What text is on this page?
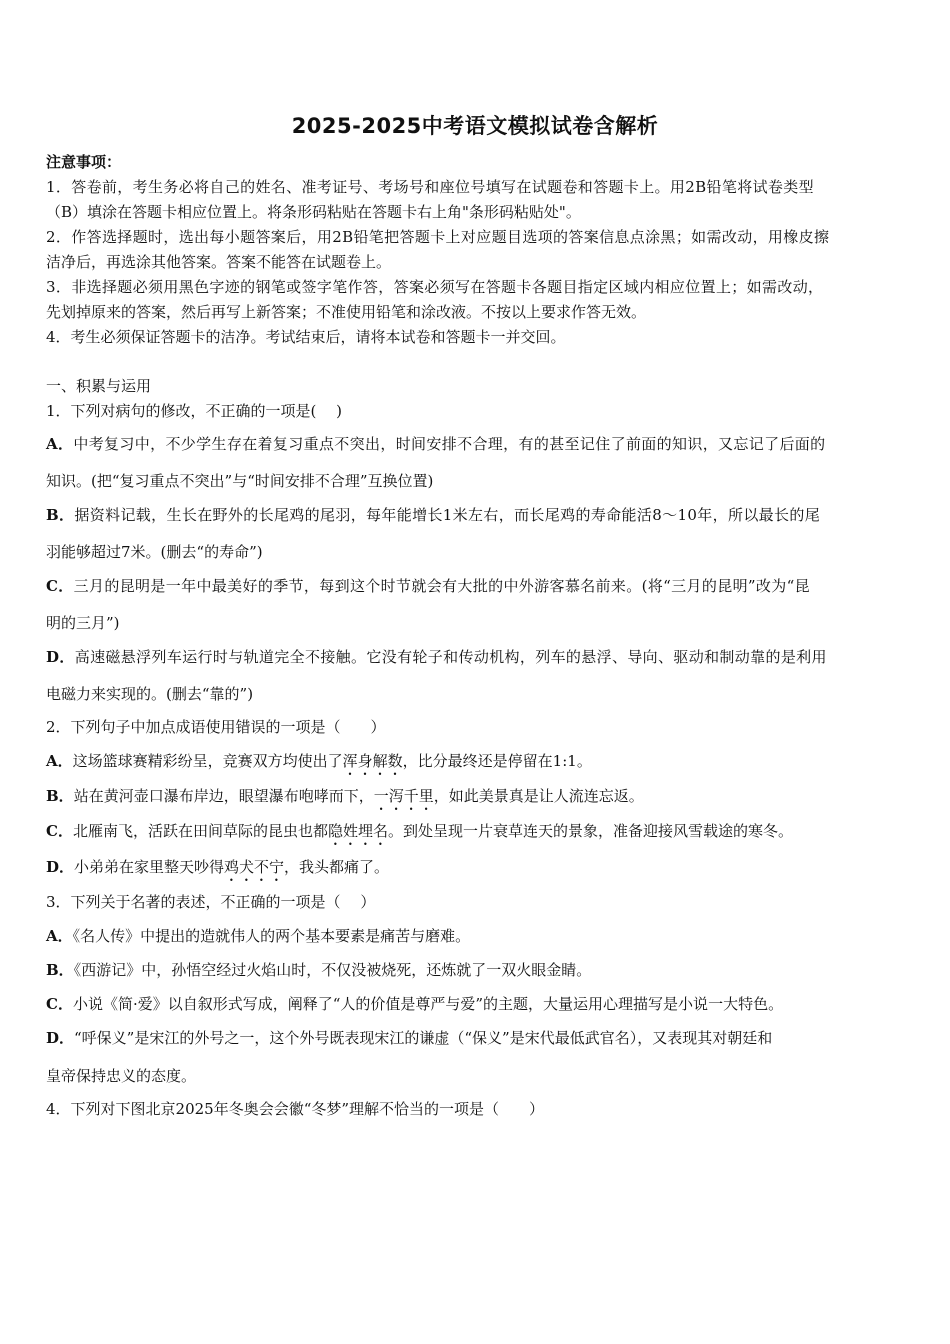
2025-2025中考语文模拟试卷含解析
注意事项：
1．答卷前，考生务必将自己的姓名、准考证号、考场号和座位号填写在试题卷和答题卡上。用2B铅笔将试卷类型
（B）填涂在答题卡相应位置上。将条形码粘贴在答题卡右上角"条形码粘贴处"。
2．作答选择题时，选出每小题答案后，用2B铅笔把答题卡上对应题目选项的答案信息点涂黑；如需改动，用橡皮擦
洁净后，再选涂其他答案。答案不能答在试题卷上。
3．非选择题必须用黑色字迹的钢笔或签字笔作答，答案必须写在答题卡各题目指定区域内相应位置上；如需改动，
先划掉原来的答案，然后再写上新答案；不准使用铅笔和涂改液。不按以上要求作答无效。
4．考生必须保证答题卡的洁净。考试结束后，请将本试卷和答题卡一并交回。
一、积累与运用
1．下列对病句的修改，不正确的一项是(　 )
A．中考复习中，不少学生存在着复习重点不突出，时间安排不合理，有的甚至记住了前面的知识，又忘记了后面的
知识。(把“复习重点不突出”与“时间安排不合理”互换位置)
B．据资料记载，生长在野外的长尾鸡的尾羽，每年能增长1米左右，而长尾鸡的寿命能活8～10年，所以最长的尾
羽能够超过7米。(删去“的寿命”)
C．三月的昆明是一年中最美好的季节，每到这个时节就会有大批的中外游客慕名前来。(将“三月的昆明”改为“昆
明的三月”)
D．高速磁悬浮列车运行时与轨道完全不接触。它没有轮子和传动机构，列车的悬浮、导向、驱动和制动靠的是利用
电磁力来实现的。(删去“靠的”)
2．下列句子中加点成语使用错误的一项是（　　）
A．这场篮球赛精彩纷呈，竞赛双方均使出了浑身解数，比分最终还是停留在1:1。
B．站在黄河壶口瀑布岸边，眼望瀑布咆哮而下，一泻千里，如此美景真是让人流连忘返。
C．北雁南飞，活跃在田间草际的昆虫也都隐姓埋名。到处呈现一片衰草连天的景象，准备迎接风雪载途的寒冬。
D．小弟弟在家里整天吵得鸡犬不宁，我头都痛了。
3．下列关于名著的表述，不正确的一项是（　 ）
A．《名人传》中提出的造就伟人的两个基本要素是痛苦与磨难。
B．《西游记》中，孙悟空经过火焰山时，不仅没被烧死，还炼就了一双火眼金睛。
C．小说《简·爱》以自叙形式写成，阐释了“人的价值是尊严与爱”的主题，大量运用心理描写是小说一大特色。
D．“呼保义”是宋江的外号之一，这个外号既表现宋江的谦虚（“保义”是宋代最低武官名），又表现其对朝廷和
皇帝保持忠义的态度。
4．下列对下图北京2025年冬奥会会徽“冬梦”理解不恰当的一项是（　　）
